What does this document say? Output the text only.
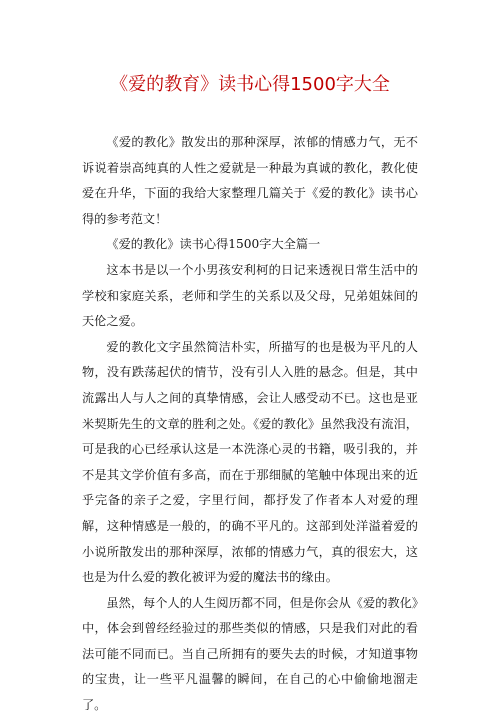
《爱的教育》读书心得1500字大全

《爱的教化》散发出的那种深厚，浓郁的情感力气，无不诉说着崇高纯真的人性之爱就是一种最为真诚的教化，教化使爱在升华，下面的我给大家整理几篇关于《爱的教化》读书心得的参考范文！

《爱的教化》读书心得1500字大全篇一

这本书是以一个小男孩安利柯的日记来透视日常生活中的学校和家庭关系，老师和学生的关系以及父母，兄弟姐妹间的天伦之爱。

爱的教化文字虽然简洁朴实，所描写的也是极为平凡的人物，没有跌荡起伏的情节，没有引人入胜的悬念。但是，其中流露出人与人之间的真挚情感，会让人感受动不已。这也是亚米契斯先生的文章的胜利之处。《爱的教化》虽然我没有流泪，可是我的心已经承认这是一本洗涤心灵的书籍，吸引我的，并不是其文学价值有多高，而在于那细腻的笔触中体现出来的近乎完备的亲子之爱，字里行间，都抒发了作者本人对爱的理解，这种情感是一般的，的确不平凡的。这部到处洋溢着爱的小说所散发出的那种深厚，浓郁的情感力气，真的很宏大，这也是为什么爱的教化被评为爱的魔法书的缘由。

虽然，每个人的人生阅历都不同，但是你会从《爱的教化》中，体会到曾经经验过的那些类似的情感，只是我们对此的看法可能不同而已。当自己所拥有的要失去的时候，才知道事物的宝贵，让一些平凡温馨的瞬间，在自己的心中偷偷地溜走了。
